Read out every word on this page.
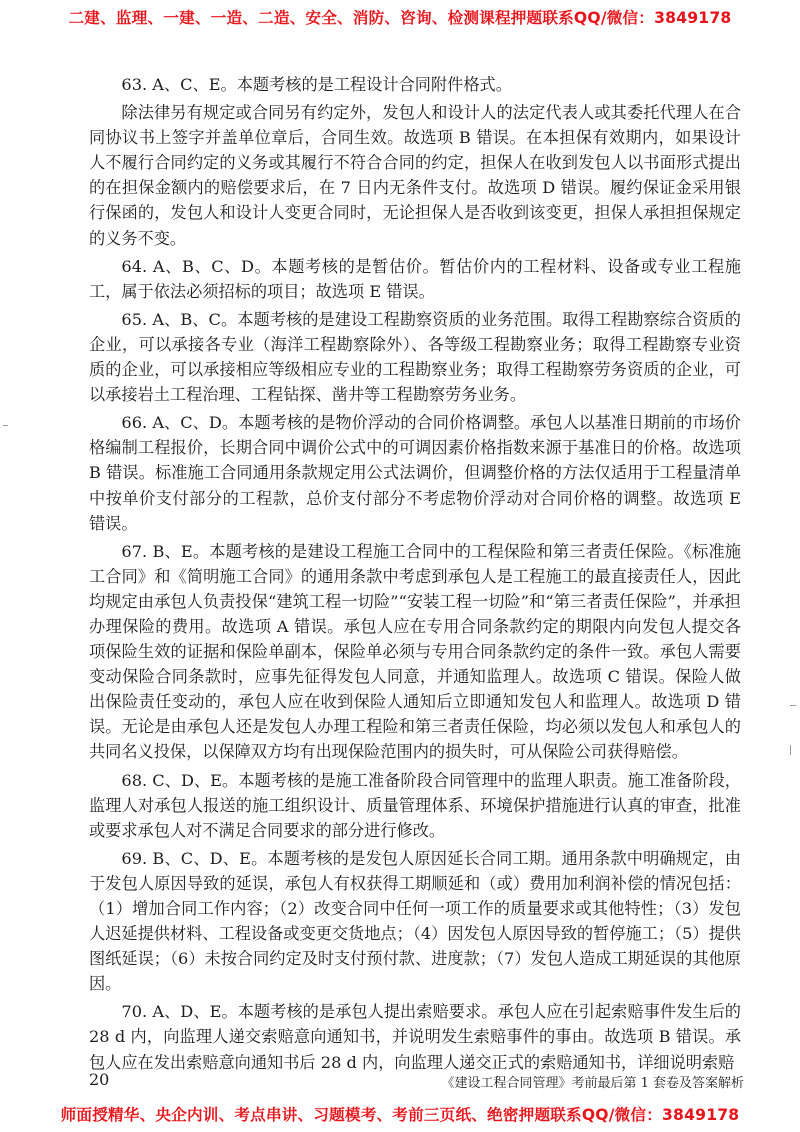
二建、监理、一建、一造、二造、安全、消防、咨询、检测课程押题联系QQ/微信：3849178

63. A、C、E。本题考核的是工程设计合同附件格式。

除法律另有规定或合同另有约定外，发包人和设计人的法定代表人或其委托代理人在合同协议书上签字并盖单位章后，合同生效。故选项 B 错误。在本担保有效期内，如果设计人不履行合同约定的义务或其履行不符合合同的约定，担保人在收到发包人以书面形式提出的在担保金额内的赔偿要求后，在 7 日内无条件支付。故选项 D 错误。履约保证金采用银行保函的，发包人和设计人变更合同时，无论担保人是否收到该变更，担保人承担担保规定的义务不变。

64. A、B、C、D。本题考核的是暂估价。暂估价内的工程材料、设备或专业工程施工，属于依法必须招标的项目；故选项 E 错误。

65. A、B、C。本题考核的是建设工程勘察资质的业务范围。取得工程勘察综合资质的企业，可以承接各专业（海洋工程勘察除外）、各等级工程勘察业务；取得工程勘察专业资质的企业，可以承接相应等级相应专业的工程勘察业务；取得工程勘察劳务资质的企业，可以承接岩土工程治理、工程钻探、凿井等工程勘察劳务业务。

66. A、C、D。本题考核的是物价浮动的合同价格调整。承包人以基准日期前的市场价格编制工程报价，长期合同中调价公式中的可调因素价格指数来源于基准日的价格。故选项 B 错误。标准施工合同通用条款规定用公式法调价，但调整价格的方法仅适用于工程量清单中按单价支付部分的工程款，总价支付部分不考虑物价浮动对合同价格的调整。故选项 E 错误。

67. B、E。本题考核的是建设工程施工合同中的工程保险和第三者责任保险。《标准施工合同》和《简明施工合同》的通用条款中考虑到承包人是工程施工的最直接责任人，因此均规定由承包人负责投保“建筑工程一切险”“安装工程一切险”和“第三者责任保险”，并承担办理保险的费用。故选项 A 错误。承包人应在专用合同条款约定的期限内向发包人提交各项保险生效的证据和保险单副本，保险单必须与专用合同条款约定的条件一致。承包人需要变动保险合同条款时，应事先征得发包人同意，并通知监理人。故选项 C 错误。保险人做出保险责任变动的，承包人应在收到保险人通知后立即通知发包人和监理人。故选项 D 错误。无论是由承包人还是发包人办理工程险和第三者责任保险，均必须以发包人和承包人的共同名义投保，以保障双方均有出现保险范围内的损失时，可从保险公司获得赔偿。

68. C、D、E。本题考核的是施工准备阶段合同管理中的监理人职责。施工准备阶段，监理人对承包人报送的施工组织设计、质量管理体系、环境保护措施进行认真的审查，批准或要求承包人对不满足合同要求的部分进行修改。

69. B、C、D、E。本题考核的是发包人原因延长合同工期。通用条款中明确规定，由于发包人原因导致的延误，承包人有权获得工期顺延和（或）费用加利润补偿的情况包括：（1）增加合同工作内容；（2）改变合同中任何一项工作的质量要求或其他特性；（3）发包人迟延提供材料、工程设备或变更交货地点；（4）因发包人原因导致的暂停施工；（5）提供图纸延误；（6）未按合同约定及时支付预付款、进度款；（7）发包人造成工期延误的其他原因。

70. A、D、E。本题考核的是承包人提出索赔要求。承包人应在引起索赔事件发生后的 28 d 内，向监理人递交索赔意向通知书，并说明发生索赔事件的事由。故选项 B 错误。承包人应在发出索赔意向通知书后 28 d 内，向监理人递交正式的索赔通知书，详细说明索赔

20	《建设工程合同管理》考前最后第 1 套卷及答案解析
师面授精华、央企内训、考点串讲、习题模考、考前三页纸、绝密押题联系QQ/微信：3849178
